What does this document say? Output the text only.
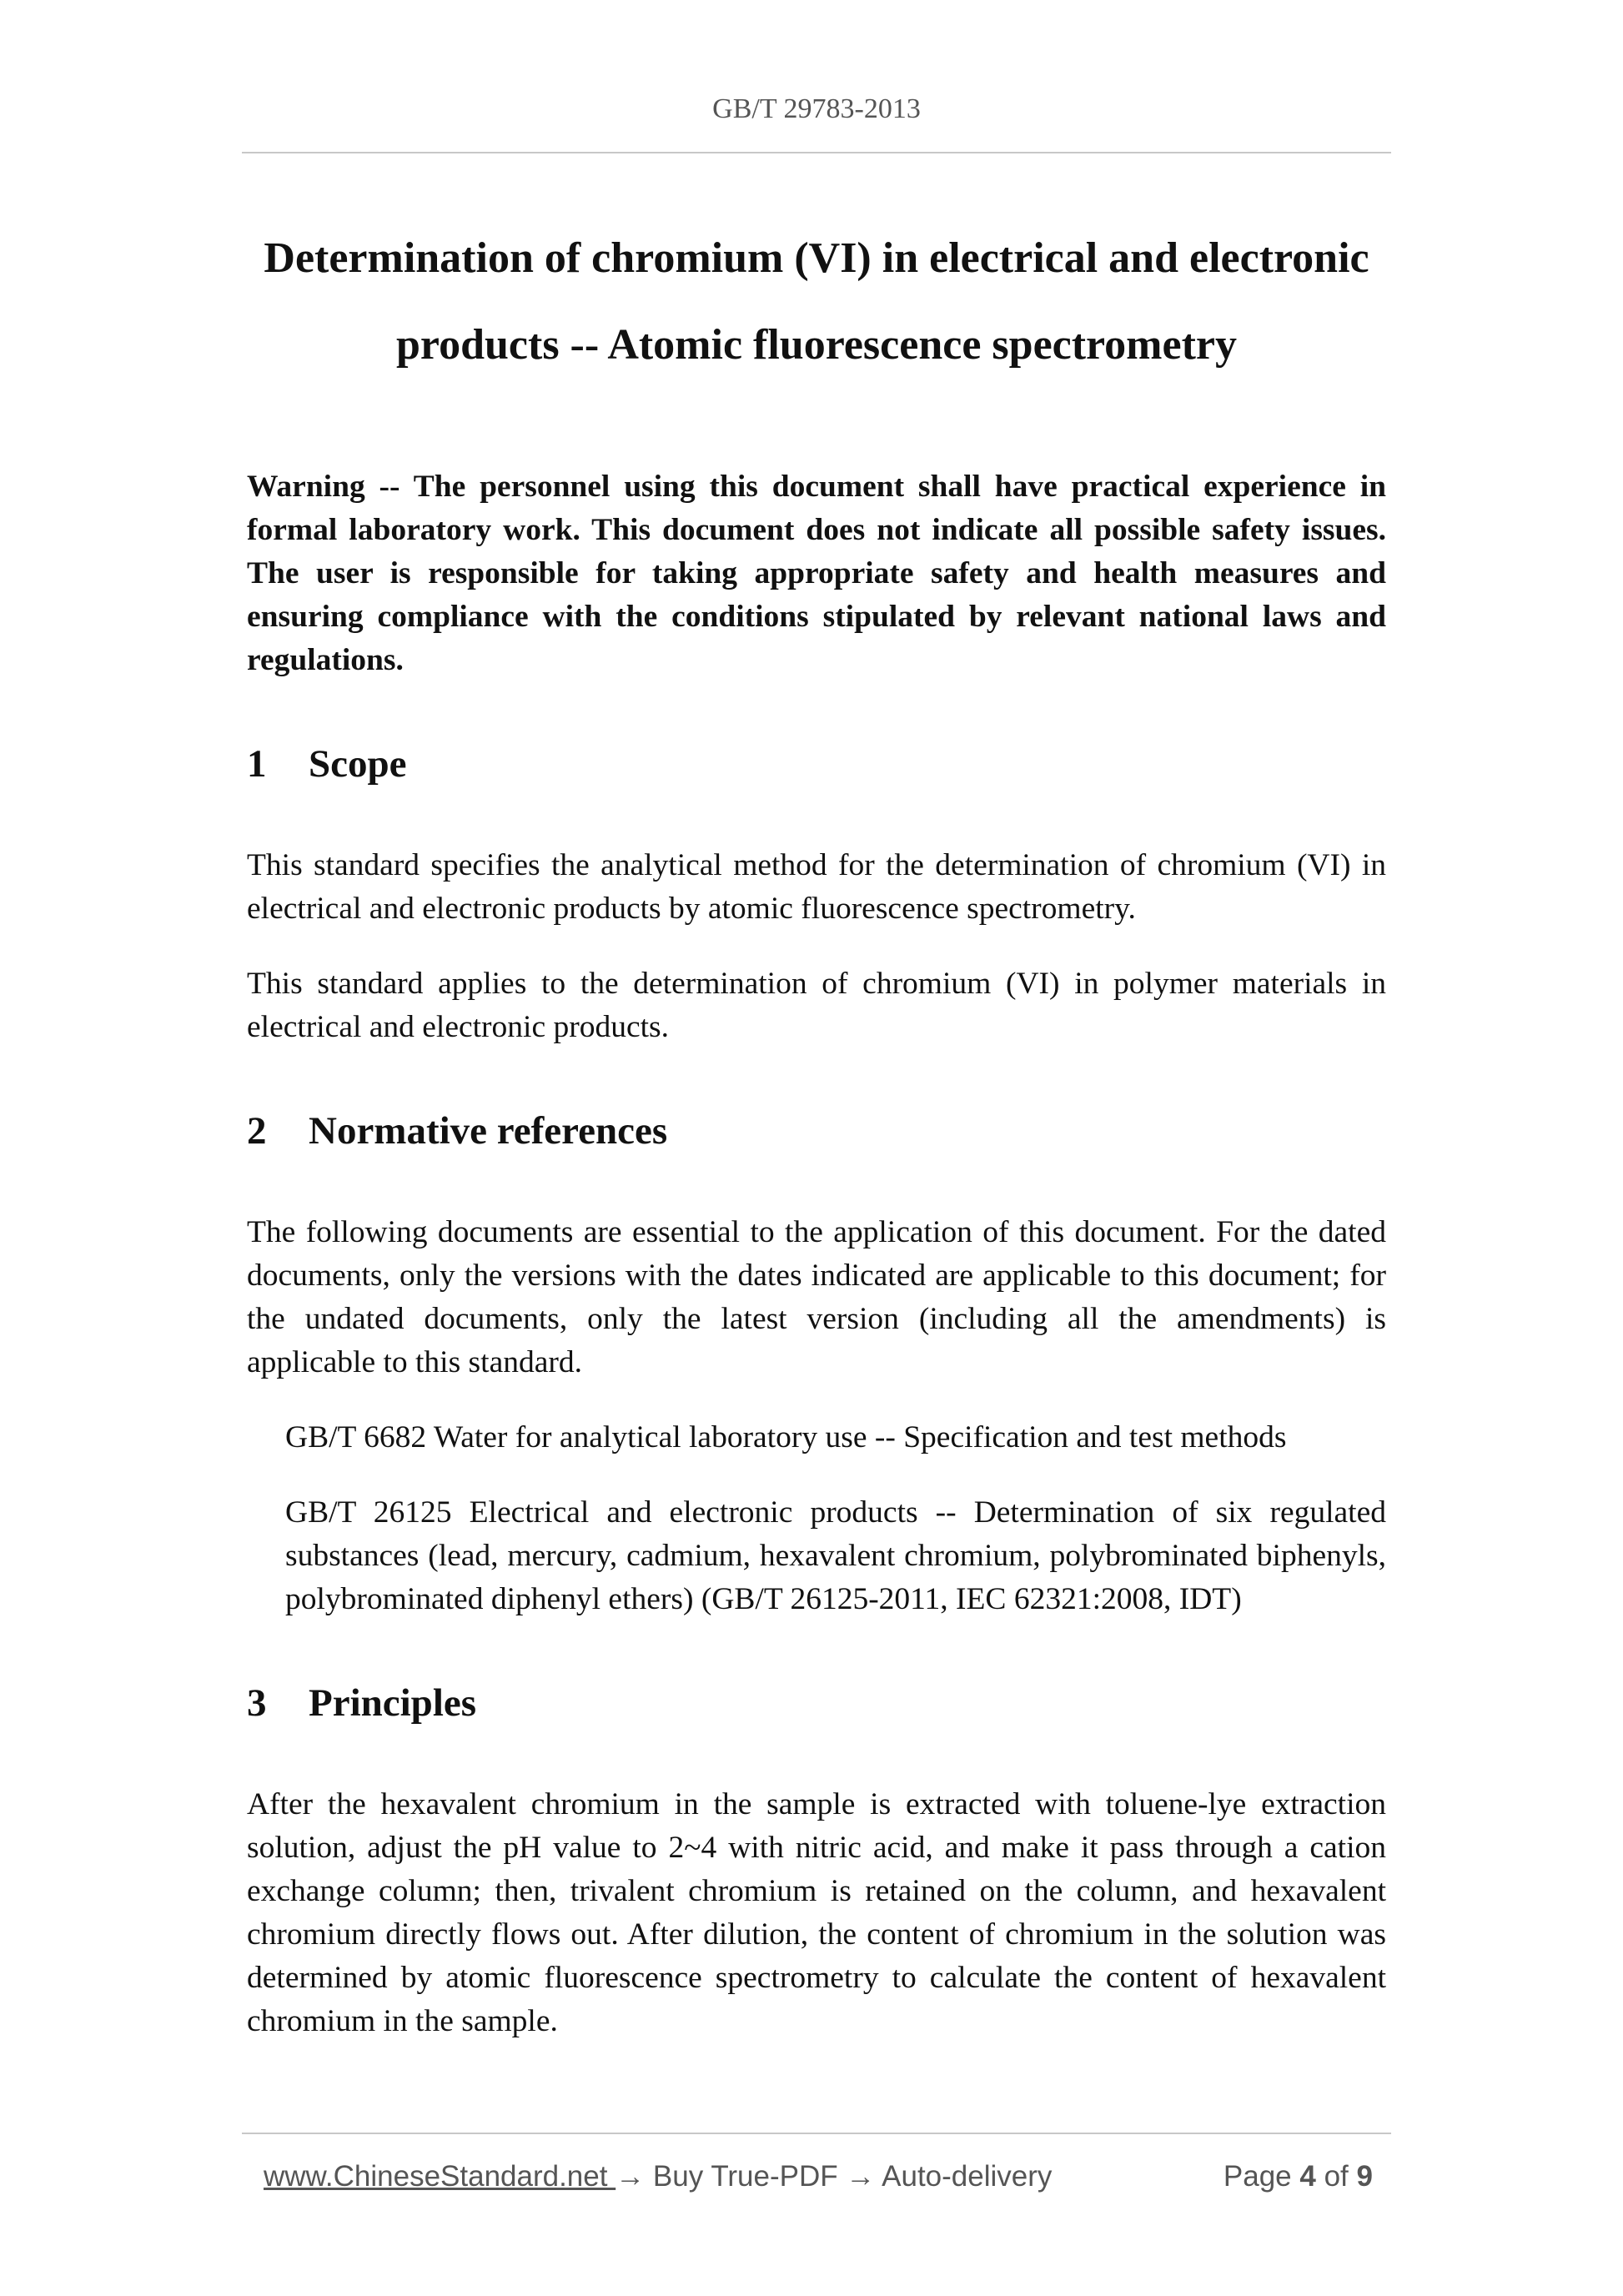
GB/T 29783-2013
Determination of chromium (VI) in electrical and electronic
products -- Atomic fluorescence spectrometry

Warning -- The personnel using this document shall have practical experience in formal laboratory work. This document does not indicate all possible safety issues. The user is responsible for taking appropriate safety and health measures and ensuring compliance with the conditions stipulated by relevant national laws and regulations.

1 Scope

This standard specifies the analytical method for the determination of chromium (VI) in electrical and electronic products by atomic fluorescence spectrometry.

This standard applies to the determination of chromium (VI) in polymer materials in electrical and electronic products.

2 Normative references

The following documents are essential to the application of this document. For the dated documents, only the versions with the dates indicated are applicable to this document; for the undated documents, only the latest version (including all the amendments) is applicable to this standard.

GB/T 6682 Water for analytical laboratory use -- Specification and test methods

GB/T 26125 Electrical and electronic products -- Determination of six regulated substances (lead, mercury, cadmium, hexavalent chromium, polybrominated biphenyls, polybrominated diphenyl ethers) (GB/T 26125-2011, IEC 62321:2008, IDT)

3 Principles

After the hexavalent chromium in the sample is extracted with toluene-lye extraction solution, adjust the pH value to 2~4 with nitric acid, and make it pass through a cation exchange column; then, trivalent chromium is retained on the column, and hexavalent chromium directly flows out. After dilution, the content of chromium in the solution was determined by atomic fluorescence spectrometry to calculate the content of hexavalent chromium in the sample.

www.ChineseStandard.net → Buy True-PDF → Auto-delivery	Page 4 of 9
